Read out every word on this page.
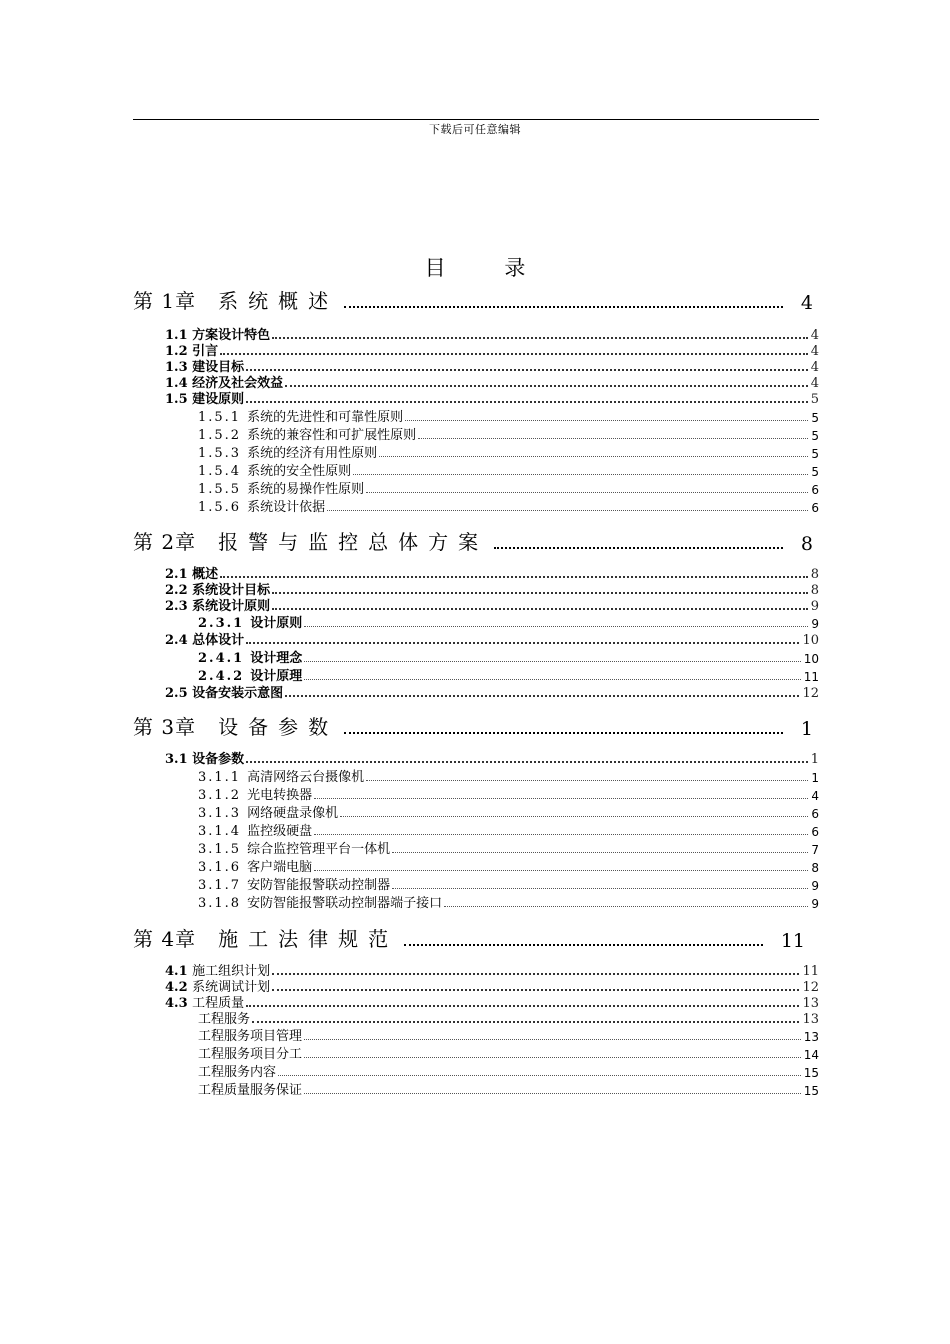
下载后可任意编辑
目 录
第 1章 系统概述	4
1.1 方案设计特色	4
1.2 引言	4
1.3 建设目标	4
1.4 经济及社会效益	4
1.5 建设原则	5
1.5.1 系统的先进性和可靠性原则	5
1.5.2 系统的兼容性和可扩展性原则	5
1.5.3 系统的经济有用性原则	5
1.5.4 系统的安全性原则	5
1.5.5 系统的易操作性原则	6
1.5.6 系统设计依据	6
第 2章 报警与监控总体方案	8
2.1 概述	8
2.2 系统设计目标	8
2.3 系统设计原则	9
2.3.1 设计原则	9
2.4 总体设计	10
2.4.1 设计理念	10
2.4.2 设计原理	11
2.5 设备安装示意图	12
第 3章 设备参数	1
3.1 设备参数	1
3.1.1 高清网络云台摄像机	1
3.1.2 光电转换器	4
3.1.3 网络硬盘录像机	6
3.1.4 监控级硬盘	6
3.1.5 综合监控管理平台一体机	7
3.1.6 客户端电脑	8
3.1.7 安防智能报警联动控制器	9
3.1.8 安防智能报警联动控制器端子接口	9
第 4章 施工法律规范	11
4.1 施工组织计划	11
4.2 系统调试计划	12
4.3 工程质量	13
工程服务	13
工程服务项目管理	13
工程服务项目分工	14
工程服务内容	15
工程质量服务保证	15
